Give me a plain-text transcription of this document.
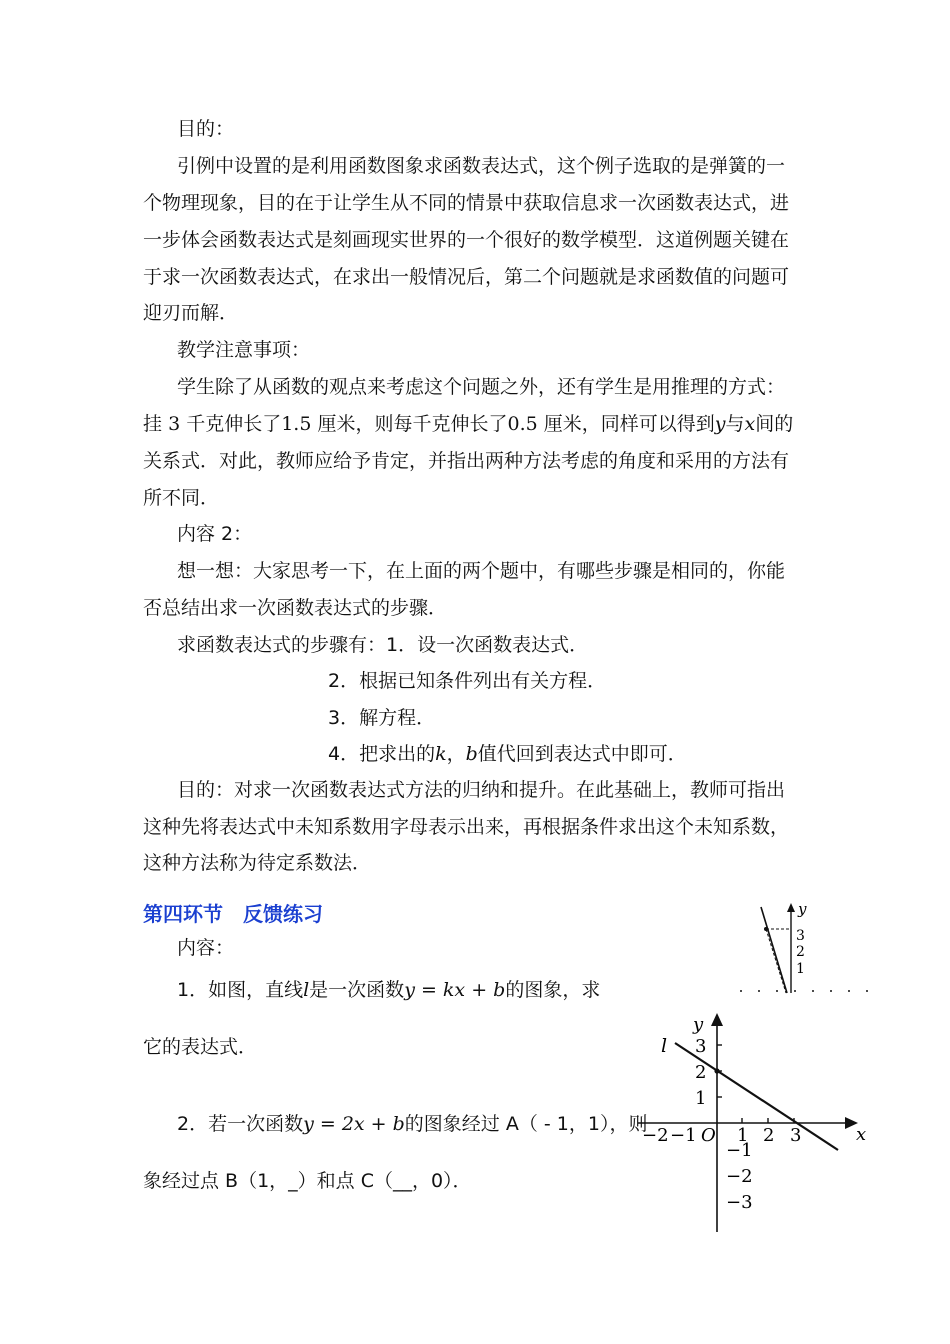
目的：
引例中设置的是利用函数图象求函数表达式，这个例子选取的是弹簧的一
个物理现象，目的在于让学生从不同的情景中获取信息求一次函数表达式，进
一步体会函数表达式是刻画现实世界的一个很好的数学模型．这道例题关键在
于求一次函数表达式，在求出一般情况后，第二个问题就是求函数值的问题可
迎刃而解．
教学注意事项：
学生除了从函数的观点来考虑这个问题之外，还有学生是用推理的方式：
挂 3 千克伸长了1.5 厘米，则每千克伸长了0.5 厘米，同样可以得到y与x间的
关系式．对此，教师应给予肯定，并指出两种方法考虑的角度和采用的方法有
所不同．
内容 2：
想一想：大家思考一下，在上面的两个题中，有哪些步骤是相同的，你能
否总结出求一次函数表达式的步骤．
求函数表达式的步骤有：1．设一次函数表达式．
2．根据已知条件列出有关方程．
3．解方程．
4．把求出的k，b值代回到表达式中即可．
目的：对求一次函数表达式方法的归纳和提升。在此基础上，教师可指出
这种先将表达式中未知系数用字母表示出来，再根据条件求出这个未知系数，
这种方法称为待定系数法．
第四环节　反馈练习
内容：
1．如图，直线l是一次函数y = kx + b的图象，求
它的表达式．
2．若一次函数y = 2x + b的图象经过 A（ - 1，1），则
象经过点 B（1，_）和点 C（__，0）．
y
3
2
1
y
x
O
−2 −1 1 2 3
3
2
1
−1
−2
−3
l
